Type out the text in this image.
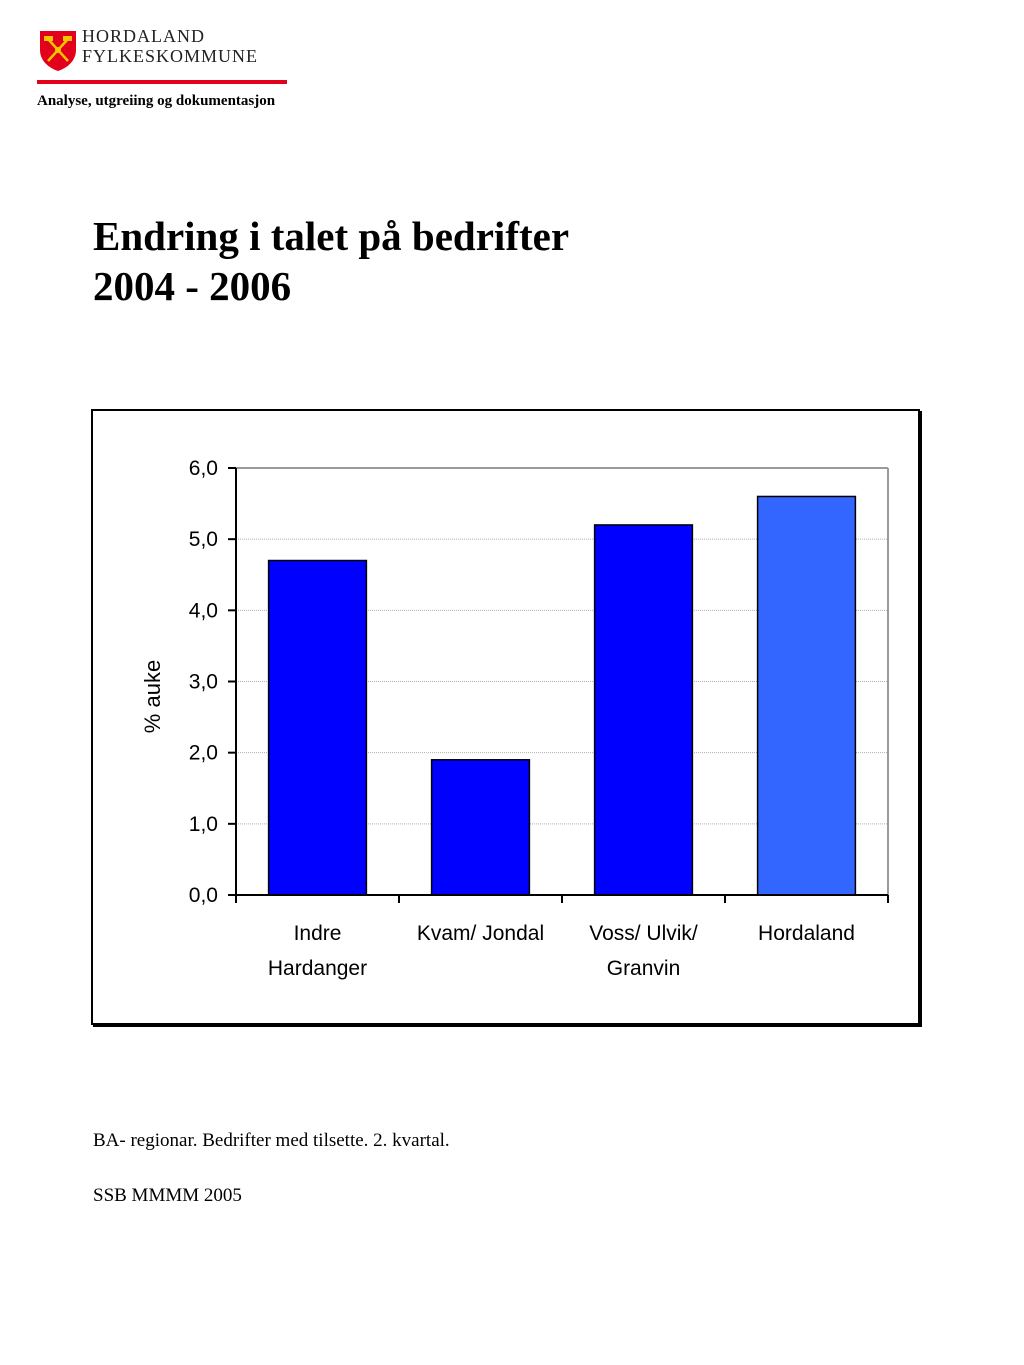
HORDALAND
FYLKESKOMMUNE
Analyse, utgreiing og dokumentasjon
Endring i talet på bedrifter
2004 - 2006
0,0
1,0
2,0
3,0
4,0
5,0
6,0
Indre
Hardanger
Kvam/ Jondal Voss/ Ulvik/
Granvin
Hordaland
% auke
BA- regionar. Bedrifter med tilsette. 2. kvartal.
SSB MMMM 2005
